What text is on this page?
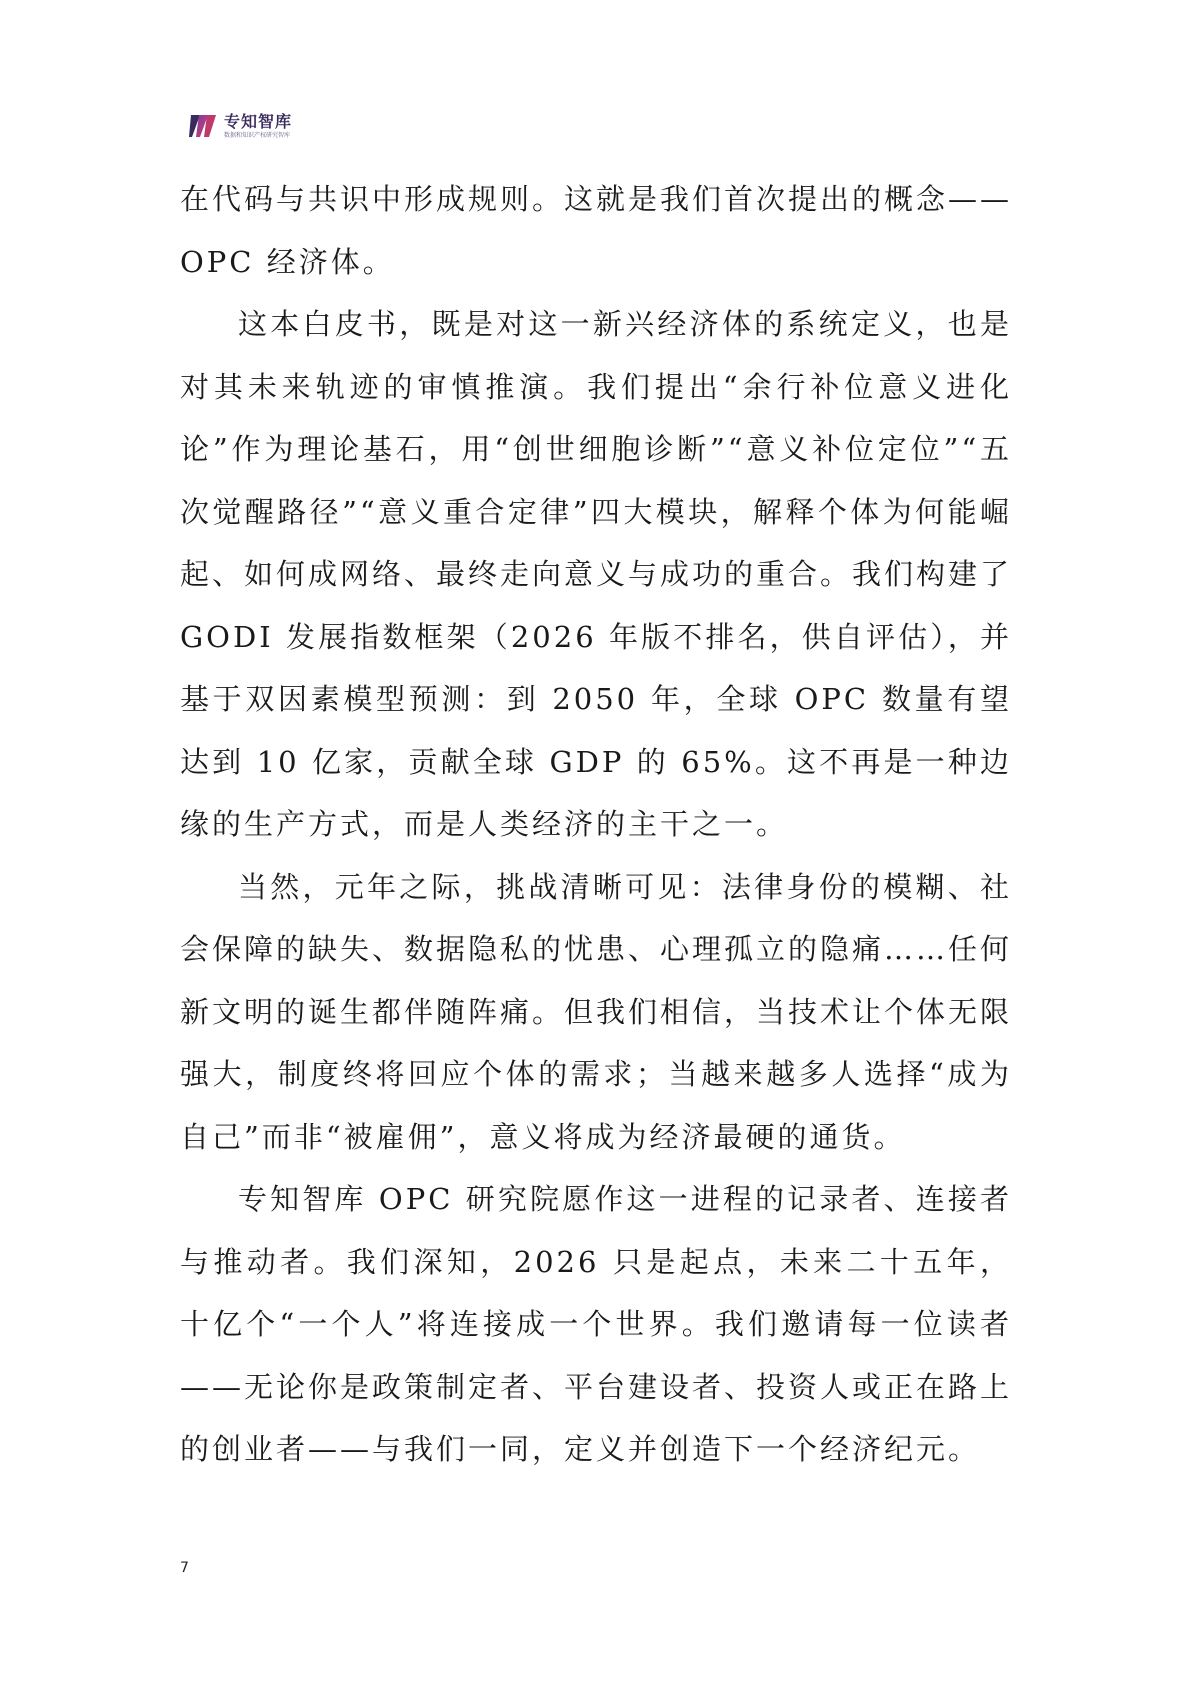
专知智库
数据和知识产权研究智库

在代码与共识中形成规则。这就是我们首次提出的概念——OPC 经济体。

这本白皮书，既是对这一新兴经济体的系统定义，也是对其未来轨迹的审慎推演。我们提出“余行补位意义进化论”作为理论基石，用“创世细胞诊断”“意义补位定位”“五次觉醒路径”“意义重合定律”四大模块，解释个体为何能崛起、如何成网络、最终走向意义与成功的重合。我们构建了 GODI 发展指数框架（2026 年版不排名，供自评估），并基于双因素模型预测：到 2050 年，全球 OPC 数量有望达到 10 亿家，贡献全球 GDP 的 65%。这不再是一种边缘的生产方式，而是人类经济的主干之一。

当然，元年之际，挑战清晰可见：法律身份的模糊、社会保障的缺失、数据隐私的忧患、心理孤立的隐痛……任何新文明的诞生都伴随阵痛。但我们相信，当技术让个体无限强大，制度终将回应个体的需求；当越来越多人选择“成为自己”而非“被雇佣”，意义将成为经济最硬的通货。

专知智库 OPC 研究院愿作这一进程的记录者、连接者与推动者。我们深知，2026 只是起点，未来二十五年，十亿个“一个人”将连接成一个世界。我们邀请每一位读者——无论你是政策制定者、平台建设者、投资人或正在路上的创业者——与我们一同，定义并创造下一个经济纪元。

7
